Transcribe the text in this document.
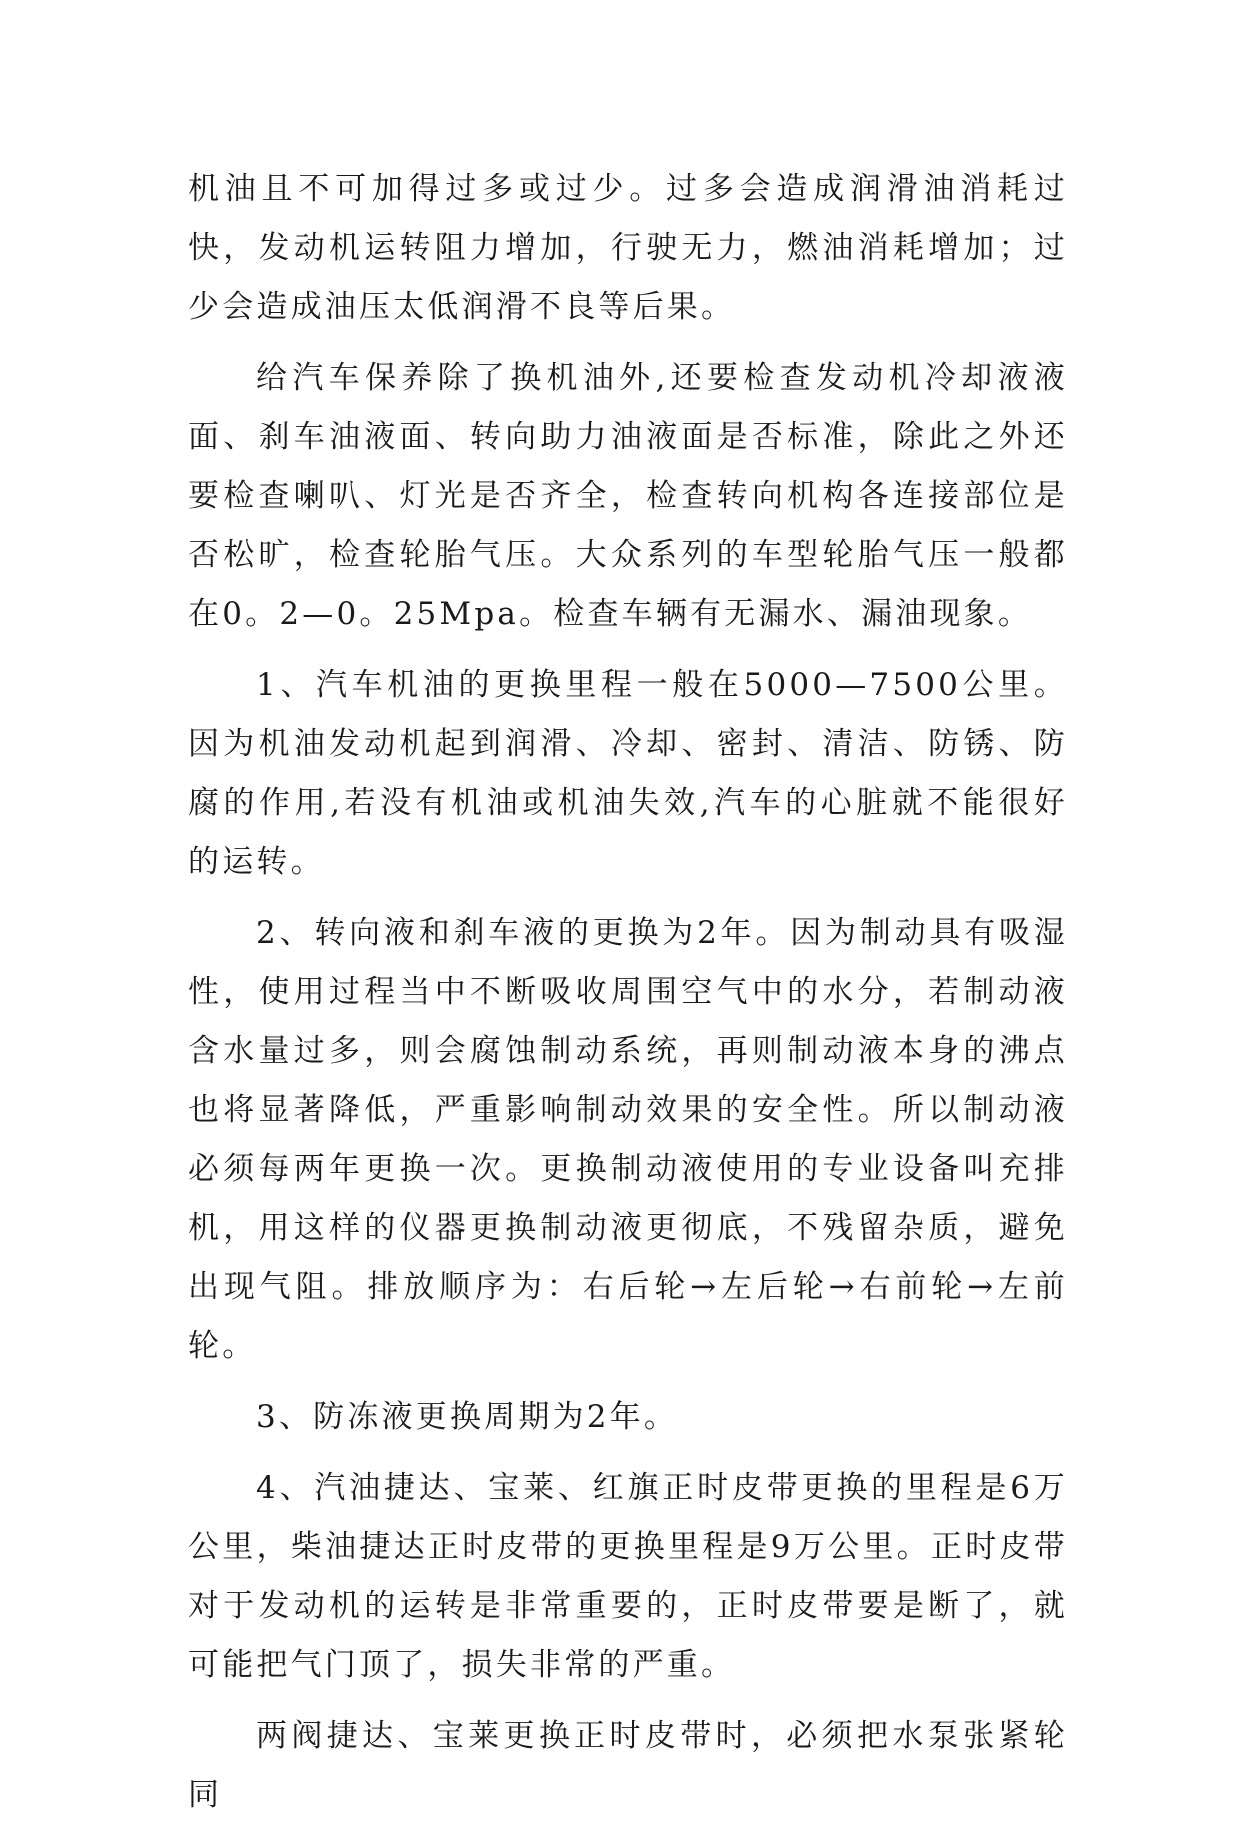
机油且不可加得过多或过少。过多会造成润滑油消耗过快，发动机运转阻力增加，行驶无力，燃油消耗增加；过少会造成油压太低润滑不良等后果。

给汽车保养除了换机油外,还要检查发动机冷却液液面、刹车油液面、转向助力油液面是否标准，除此之外还要检查喇叭、灯光是否齐全，检查转向机构各连接部位是否松旷，检查轮胎气压。大众系列的车型轮胎气压一般都在0。2—0。25Mpa。检查车辆有无漏水、漏油现象。

1、汽车机油的更换里程一般在5000—7500公里。因为机油发动机起到润滑、冷却、密封、清洁、防锈、防腐的作用,若没有机油或机油失效,汽车的心脏就不能很好的运转。

2、转向液和刹车液的更换为2年。因为制动具有吸湿性，使用过程当中不断吸收周围空气中的水分，若制动液含水量过多，则会腐蚀制动系统，再则制动液本身的沸点也将显著降低，严重影响制动效果的安全性。所以制动液必须每两年更换一次。更换制动液使用的专业设备叫充排机，用这样的仪器更换制动液更彻底，不残留杂质，避免出现气阻。排放顺序为：右后轮→左后轮→右前轮→左前轮。

3、防冻液更换周期为2年。

4、汽油捷达、宝莱、红旗正时皮带更换的里程是6万公里，柴油捷达正时皮带的更换里程是9万公里。正时皮带对于发动机的运转是非常重要的，正时皮带要是断了，就可能把气门顶了，损失非常的严重。

两阀捷达、宝莱更换正时皮带时，必须把水泵张紧轮同
